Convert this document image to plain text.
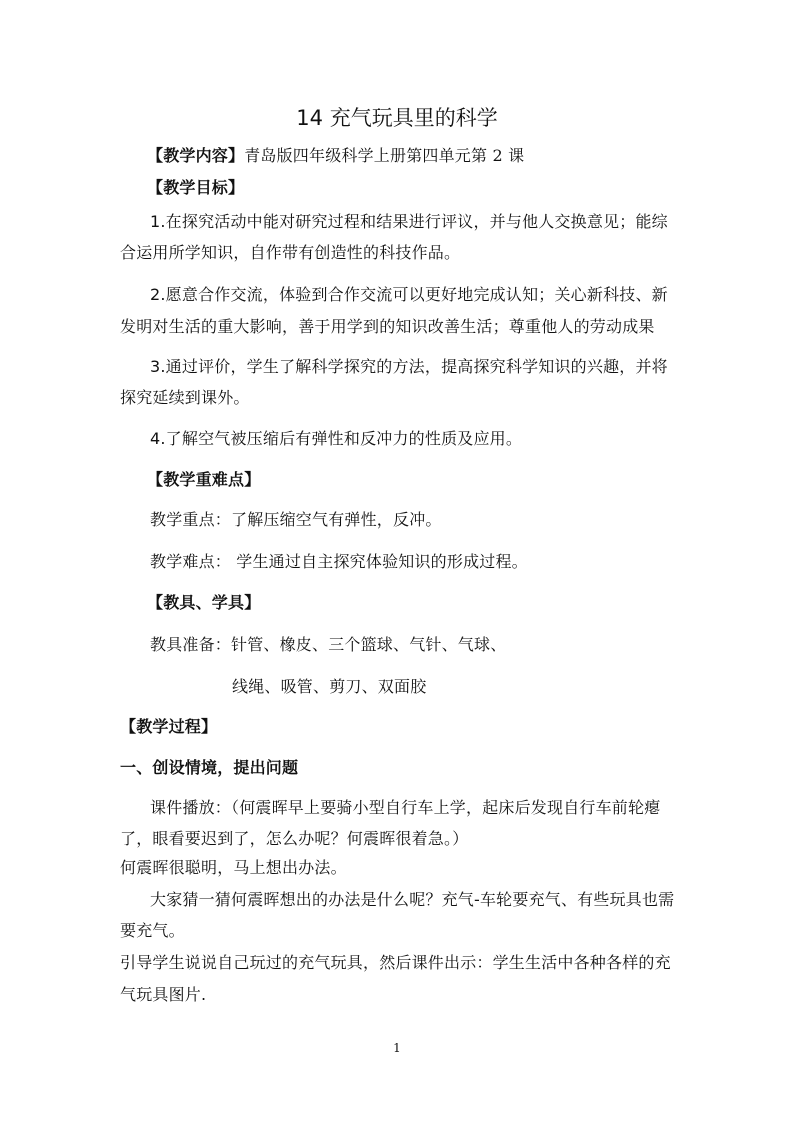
14 充气玩具里的科学
【教学内容】青岛版四年级科学上册第四单元第 2 课
【教学目标】
1.在探究活动中能对研究过程和结果进行评议，并与他人交换意见；能综
合运用所学知识，自作带有创造性的科技作品。
2.愿意合作交流，体验到合作交流可以更好地完成认知；关心新科技、新
发明对生活的重大影响，善于用学到的知识改善生活；尊重他人的劳动成果
3.通过评价，学生了解科学探究的方法，提高探究科学知识的兴趣，并将
探究延续到课外。
4.了解空气被压缩后有弹性和反冲力的性质及应用。
【教学重难点】
教学重点：了解压缩空气有弹性，反冲。
教学难点： 学生通过自主探究体验知识的形成过程。
【教具、学具】
教具准备：针管、橡皮、三个篮球、气针、气球、
线绳、吸管、剪刀、双面胶
【教学过程】
一、创设情境，提出问题
课件播放：（何震晖早上要骑小型自行车上学，起床后发现自行车前轮瘪
了，眼看要迟到了，怎么办呢？何震晖很着急。）
何震晖很聪明，马上想出办法。
大家猜一猜何震晖想出的办法是什么呢？充气-车轮要充气、有些玩具也需
要充气。
引导学生说说自己玩过的充气玩具，然后课件出示：学生生活中各种各样的充
气玩具图片.
1
